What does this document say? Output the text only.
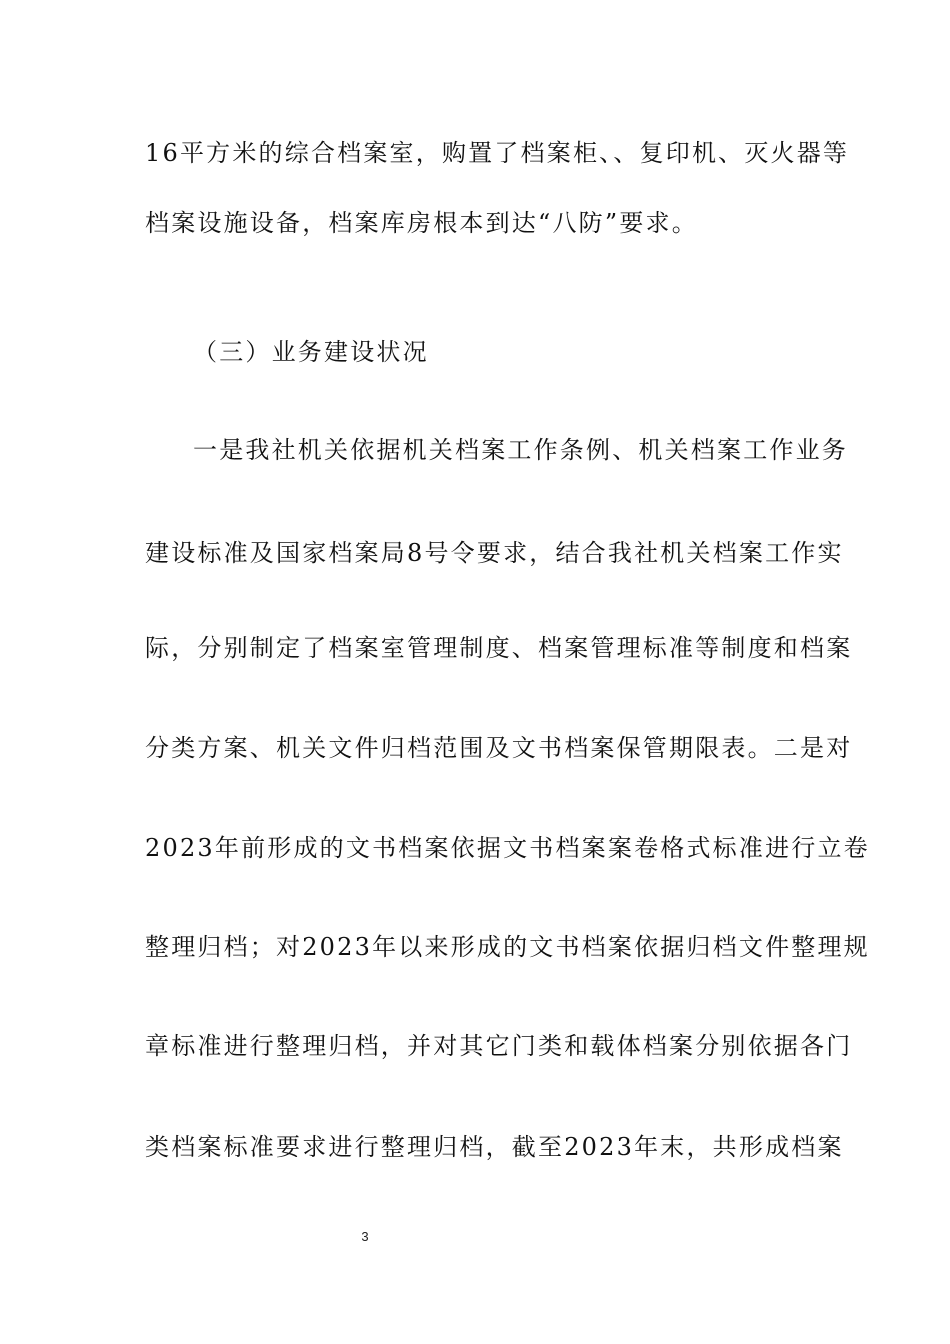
16平方米的综合档案室，购置了档案柜、、复印机、灭火器等
档案设施设备，档案库房根本到达“八防”要求。
（三）业务建设状况
一是我社机关依据机关档案工作条例、机关档案工作业务
建设标准及国家档案局8号令要求，结合我社机关档案工作实
际，分别制定了档案室管理制度、档案管理标准等制度和档案
分类方案、机关文件归档范围及文书档案保管期限表。二是对
2023年前形成的文书档案依据文书档案案卷格式标准进行立卷
整理归档；对2023年以来形成的文书档案依据归档文件整理规
章标准进行整理归档，并对其它门类和载体档案分别依据各门
类档案标准要求进行整理归档，截至2023年末，共形成档案
3
